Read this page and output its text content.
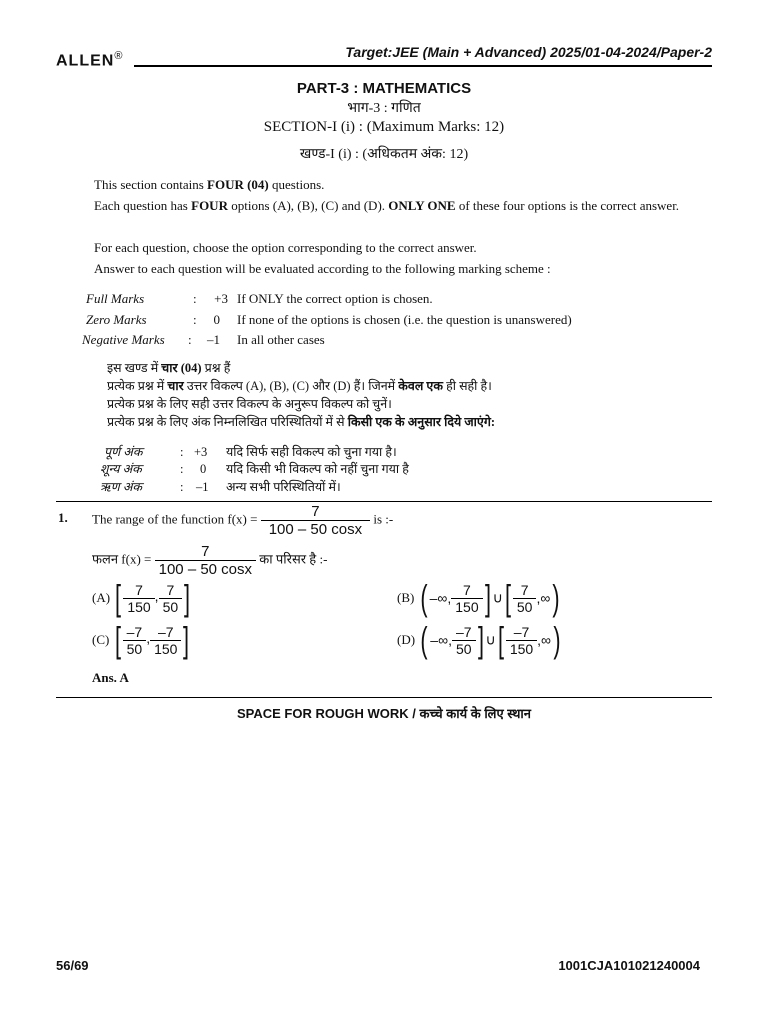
ALLEN®	Target:JEE (Main + Advanced) 2025/01-04-2024/Paper-2
PART-3 : MATHEMATICS
भाग-3 : गणित
SECTION-I (i) : (Maximum Marks: 12)
खण्ड-I (i) : (अधिकतम अंक: 12)
This section contains FOUR (04) questions.
Each question has FOUR options (A), (B), (C) and (D). ONLY ONE of these four options is the correct answer.
For each question, choose the option corresponding to the correct answer.
Answer to each question will be evaluated according to the following marking scheme :
Full Marks	:	+3 If ONLY the correct option is chosen.
Zero Marks	:	0 If none of the options is chosen (i.e. the question is unanswered)
Negative Marks :	–1 In all other cases
इस खण्ड में चार (04) प्रश्न हैं
प्रत्येक प्रश्न में चार उत्तर विकल्प (A), (B), (C) और (D) हैं। जिनमें केवल एक ही सही है।
प्रत्येक प्रश्न के लिए सही उत्तर विकल्प के अनुरूप विकल्प को चुनें।
प्रत्येक प्रश्न के लिए अंक निम्नलिखित परिस्थितियों में से किसी एक के अनुसार दिये जाएंगे:
पूर्ण अंक	: +3 यदि सिर्फ सही विकल्प को चुना गया है।
शून्य अंक	: 0 यदि किसी भी विकल्प को नहीं चुना गया है
ऋण अंक	: –1 अन्य सभी परिस्थितियों में।
1. The range of the function $f(x) = \frac{7}{100 - 50 \cos x}$ is :-
फलन $f(x) = \frac{7}{100 - 50 \cos x}$ का परिसर है :-
(A) [ $\frac{7}{150}$ , $\frac{7}{50}$ ]	(B) ( –∞, $\frac{7}{150}$ ] ∪[ $\frac{7}{50}$ ,∞)
(C) [ $\frac{-7}{50}$ , $\frac{-7}{150}$ ]	(D) ( –∞, $\frac{-7}{50}$ ] ∪[ $\frac{-7}{150}$ ,∞)
Ans. A
SPACE FOR ROUGH WORK / कच्चे कार्य के लिए स्थान
56/69	1001CJA101021240004
